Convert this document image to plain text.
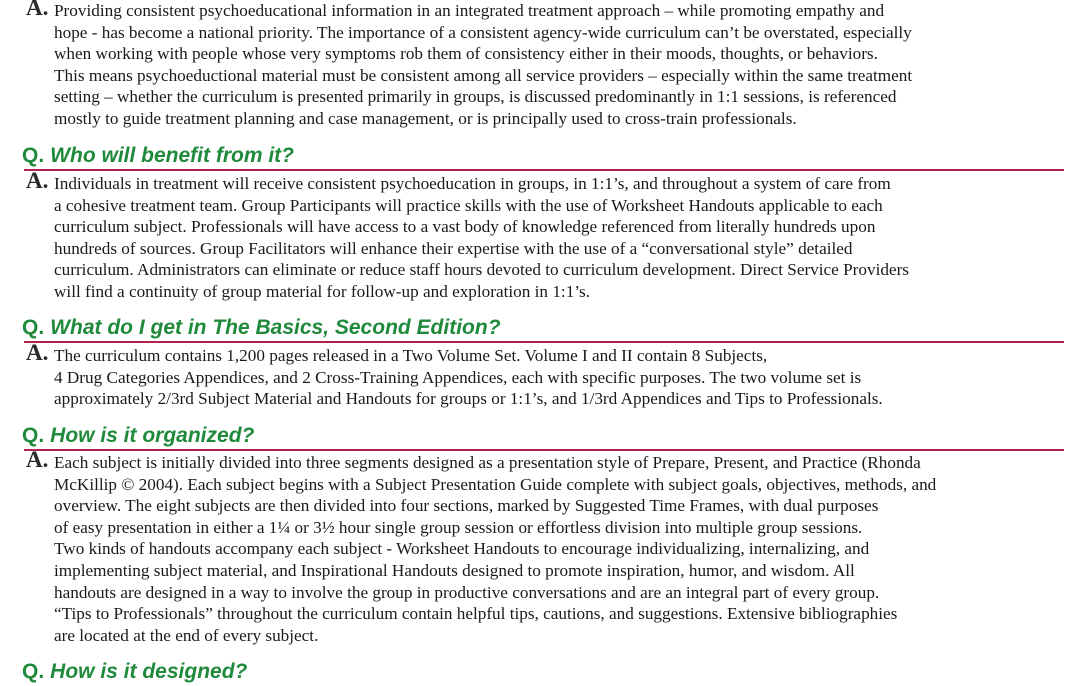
A. Providing consistent psychoeducational information in an integrated treatment approach – while promoting empathy and
hope - has become a national priority. The importance of a consistent agency-wide curriculum can’t be overstated, especially
when working with people whose very symptoms rob them of consistency either in their moods, thoughts, or behaviors.
This means psychoeductional material must be consistent among all service providers – especially within the same treatment
setting – whether the curriculum is presented primarily in groups, is discussed predominantly in 1:1 sessions, is referenced
mostly to guide treatment planning and case management, or is principally used to cross-train professionals.
Q. Who will benefit from it?
A. Individuals in treatment will receive consistent psychoeducation in groups, in 1:1’s, and throughout a system of care from
a cohesive treatment team. Group Participants will practice skills with the use of Worksheet Handouts applicable to each
curriculum subject. Professionals will have access to a vast body of knowledge referenced from literally hundreds upon
hundreds of sources. Group Facilitators will enhance their expertise with the use of a “conversational style” detailed
curriculum. Administrators can eliminate or reduce staff hours devoted to curriculum development. Direct Service Providers
will find a continuity of group material for follow-up and exploration in 1:1’s.
Q. What do I get in The Basics, Second Edition?
A. The curriculum contains 1,200 pages released in a Two Volume Set. Volume I and II contain 8 Subjects,
4 Drug Categories Appendices, and 2 Cross-Training Appendices, each with specific purposes. The two volume set is
approximately 2/3rd Subject Material and Handouts for groups or 1:1’s, and 1/3rd Appendices and Tips to Professionals.
Q. How is it organized?
A. Each subject is initially divided into three segments designed as a presentation style of Prepare, Present, and Practice (Rhonda
McKillip © 2004). Each subject begins with a Subject Presentation Guide complete with subject goals, objectives, methods, and
overview. The eight subjects are then divided into four sections, marked by Suggested Time Frames, with dual purposes
of easy presentation in either a 1¼ or 3½ hour single group session or effortless division into multiple group sessions.
Two kinds of handouts accompany each subject - Worksheet Handouts to encourage individualizing, internalizing, and
implementing subject material, and Inspirational Handouts designed to promote inspiration, humor, and wisdom. All
handouts are designed in a way to involve the group in productive conversations and are an integral part of every group.
“Tips to Professionals” throughout the curriculum contain helpful tips, cautions, and suggestions. Extensive bibliographies
are located at the end of every subject.
Q. How is it designed?
